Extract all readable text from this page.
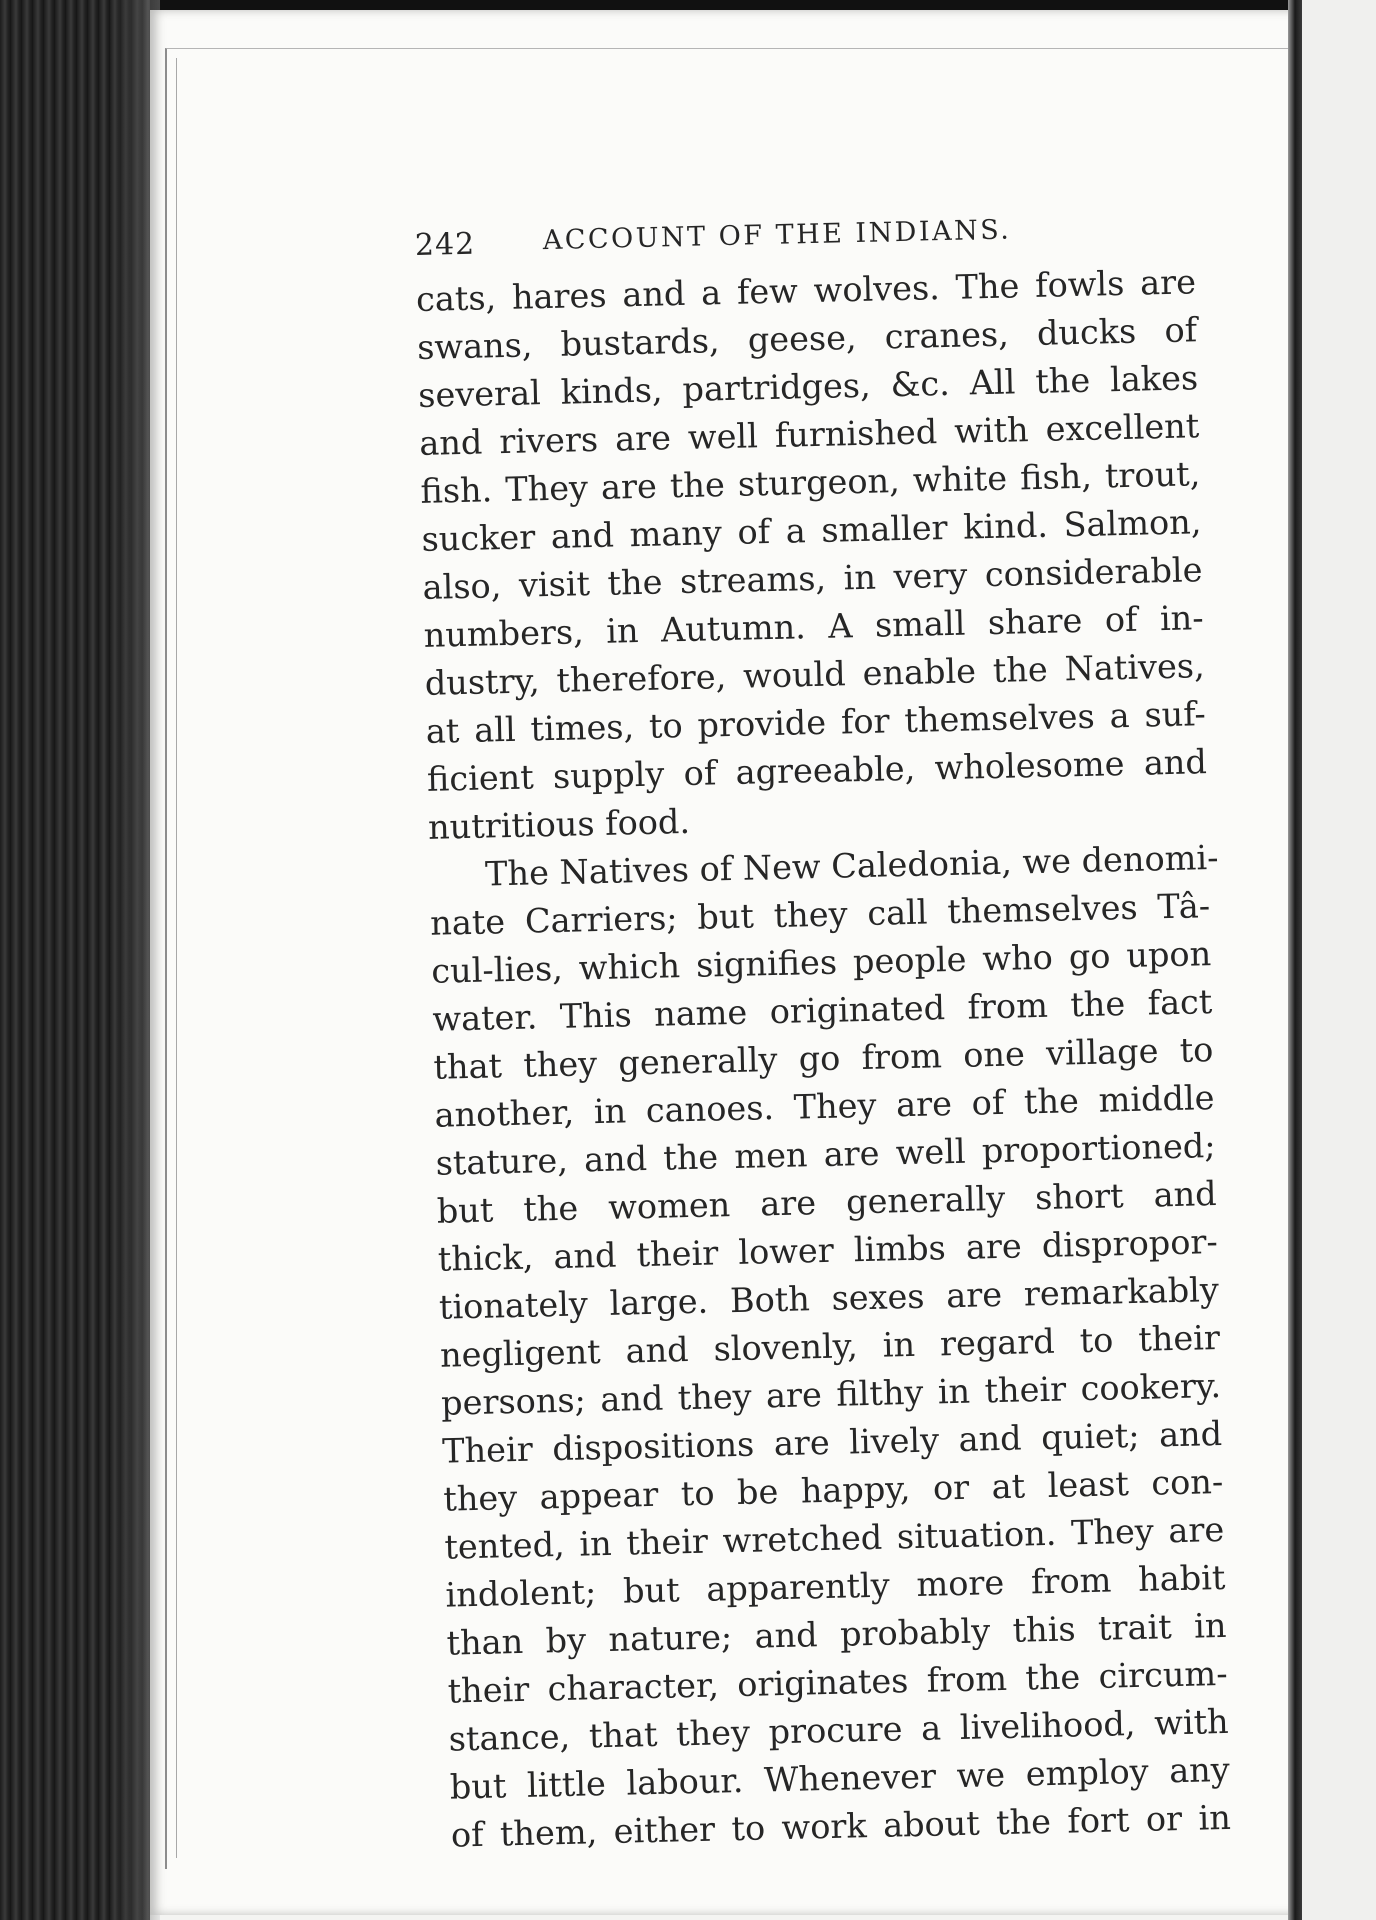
242 ACCOUNT OF THE INDIANS.

cats, hares and a few wolves. The fowls are
swans, bustards, geese, cranes, ducks of
several kinds, partridges, &c. All the lakes
and rivers are well furnished with excellent
fish. They are the sturgeon, white fish, trout,
sucker and many of a smaller kind. Salmon,
also, visit the streams, in very considerable
numbers, in Autumn. A small share of in-
dustry, therefore, would enable the Natives,
at all times, to provide for themselves a suf-
ficient supply of agreeable, wholesome and
nutritious food.

The Natives of New Caledonia, we denomi-
nate Carriers; but they call themselves Tâ-
cul-lies, which signifies people who go upon
water. This name originated from the fact
that they generally go from one village to
another, in canoes. They are of the middle
stature, and the men are well proportioned;
but the women are generally short and
thick, and their lower limbs are dispropor-
tionately large. Both sexes are remarkably
negligent and slovenly, in regard to their
persons; and they are filthy in their cookery.
Their dispositions are lively and quiet; and
they appear to be happy, or at least con-
tented, in their wretched situation. They are
indolent; but apparently more from habit
than by nature; and probably this trait in
their character, originates from the circum-
stance, that they procure a livelihood, with
but little labour. Whenever we employ any
of them, either to work about the fort or in
